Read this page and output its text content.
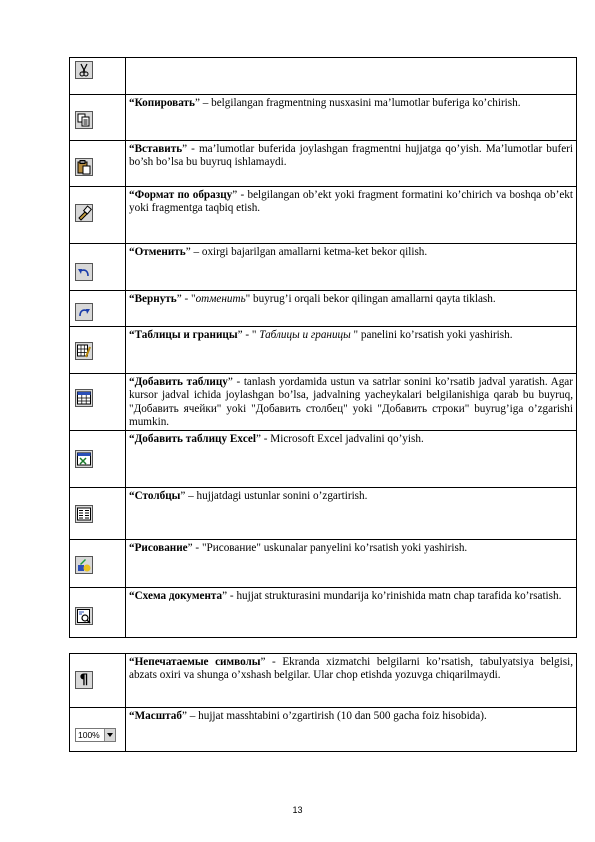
	“Копировать” – belgilangan fragmentning nusxasini ma’lumotlar buferiga ko’chirish.

	“Вставить” - ma’lumotlar buferida joylashgan fragmentni hujjatga qo’yish. Ma’lumotlar buferi bo’sh bo’lsa bu buyruq ishlamaydi.

	“Формат по образцу” - belgilangan ob’ekt yoki fragment formatini ko’chirich va boshqa ob’ekt yoki fragmentga taqbiq etish.

	“Отменить” – oxirgi bajarilgan amallarni ketma-ket bekor qilish.

	“Вернуть” - "отменить" buyrug’i orqali bekor qilingan amallarni qayta tiklash.

	“Таблицы и границы” - " Таблицы и границы " panelini ko’rsatish yoki yashirish.

	“Добавить таблицу” - tanlash yordamida ustun va satrlar sonini ko’rsatib jadval yaratish. Agar kursor jadval ichida joylashgan bo’lsa, jadvalning yacheykalari belgilanishiga qarab bu buyruq, "Добавить ячейки" yoki "Добавить столбец" yoki "Добавить строки" buyrug’iga o’zgarishi mumkin.

	“Добавить таблицу Excel” - Microsoft Excel jadvalini qo’yish.

	“Столбцы” – hujjatdagi ustunlar sonini o’zgartirish.

	“Рисование” - "Рисование" uskunalar panyelini ko’rsatish yoki yashirish.

	“Схема документа” - hujjat strukturasini mundarija ko’rinishida matn chap tarafida ko’rsatish.
¶	“Непечатаемые символы” - Ekranda xizmatchi belgilarni ko’rsatish, tabulyatsiya belgisi, abzats oxiri va shunga o’xshash belgilar. Ular chop etishda yozuvga chiqarilmaydi.

100%	“Масштаб” – hujjat masshtabini o’zgartirish (10 dan 500 gacha foiz hisobida).
13
